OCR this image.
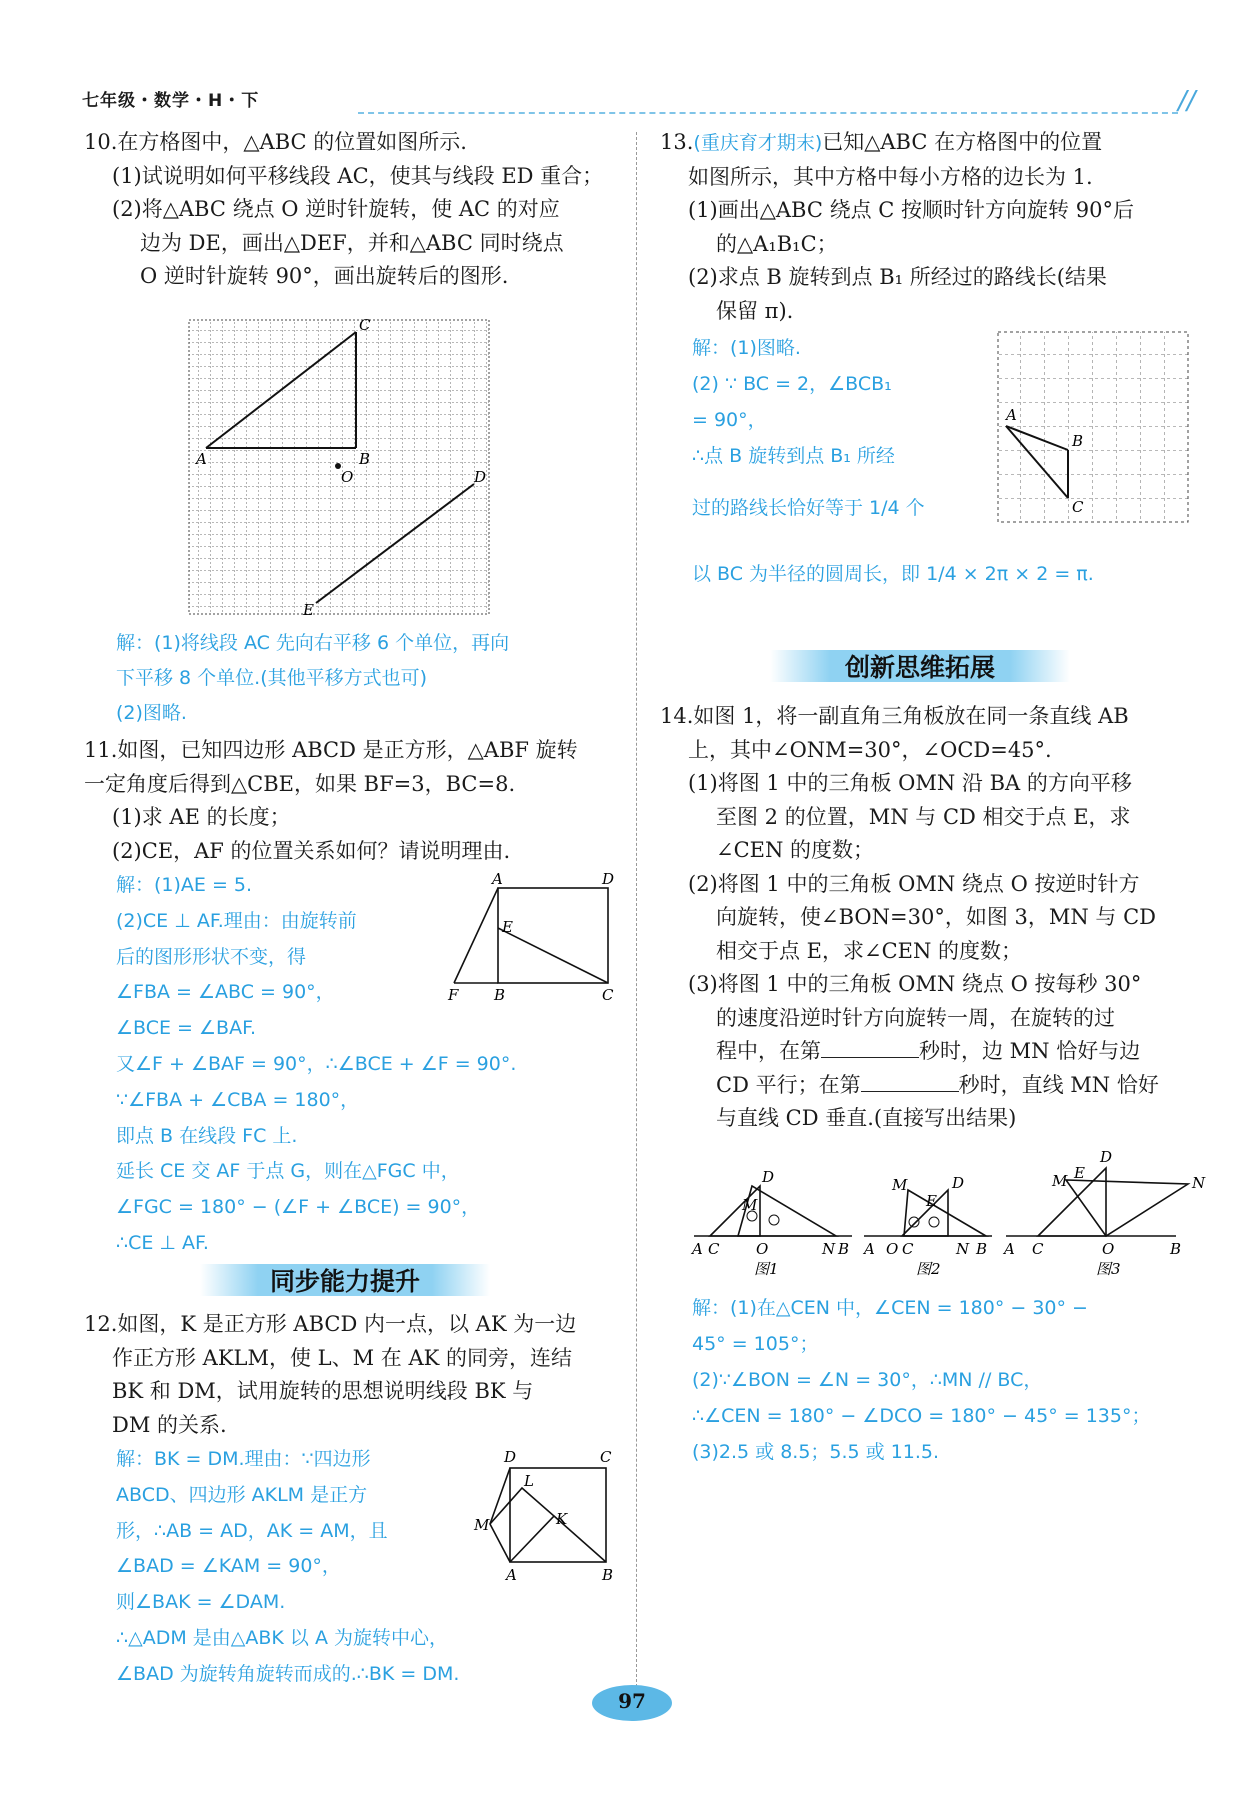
七年级・数学・H・下	//

10.在方格图中，△ABC 的位置如图所示.

(1)试说明如何平移线段 AC，使其与线段 ED 重合；

(2)将△ABC 绕点 O 逆时针旋转，使 AC 的对应

边为 DE，画出△DEF，并和△ABC 同时绕点

O 逆时针旋转 90°，画出旋转后的图形.

C
A	B
O	D
E

解：(1)将线段 AC 先向右平移 6 个单位，再向

下平移 8 个单位.(其他平移方式也可)

(2)图略.

11.如图，已知四边形 ABCD 是正方形，△ABF 旋转

一定角度后得到△CBE，如果 BF=3，BC=8.

(1)求 AE 的长度；

(2)CE，AF 的位置关系如何？请说明理由.

解：(1)AE = 5.

(2)CE ⊥ AF.理由：由旋转前

后的图形形状不变，得

∠FBA = ∠ABC = 90°，

∠BCE = ∠BAF.

又∠F + ∠BAF = 90°，∴∠BCE + ∠F = 90°.

∵∠FBA + ∠CBA = 180°，

即点 B 在线段 FC 上.

延长 CE 交 AF 于点 G，则在△FGC 中，

∠FGC = 180° − (∠F + ∠BCE) = 90°，

∴CE ⊥ AF.

A	D
E
F B	C
同步能力提升

12.如图，K 是正方形 ABCD 内一点，以 AK 为一边

作正方形 AKLM，使 L、M 在 AK 的同旁，连结

BK 和 DM，试用旋转的思想说明线段 BK 与

DM 的关系.

解：BK = DM.理由：∵四边形

ABCD、四边形 AKLM 是正方

形，∴AB = AD，AK = AM，且

∠BAD = ∠KAM = 90°，

则∠BAK = ∠DAM.

∴△ADM 是由△ABK 以 A 为旋转中心，

∠BAD 为旋转角旋转而成的.∴BK = DM.

D	C
L
M	K
A	B

13.(重庆育才期末)已知△ABC 在方格图中的位置

如图所示，其中方格中每小方格的边长为 1.

(1)画出△ABC 绕点 C 按顺时针方向旋转 90°后

的△A₁B₁C；

(2)求点 B 旋转到点 B₁ 所经过的路线长(结果

保留 π).

解：(1)图略.

(2) ∵ BC = 2，∠BCB₁

= 90°，

∴点 B 旋转到点 B₁ 所经

过的路线长恰好等于 1/4 个

以 BC 为半径的圆周长，即 1/4 × 2π × 2 = π.

A
B
C
创新思维拓展

14.如图 1，将一副直角三角板放在同一条直线 AB

上，其中∠ONM=30°，∠OCD=45°.

(1)将图 1 中的三角板 OMN 沿 BA 的方向平移

至图 2 的位置，MN 与 CD 相交于点 E，求

∠CEN 的度数；

(2)将图 1 中的三角板 OMN 绕点 O 按逆时针方

向旋转，使∠BON=30°，如图 3，MN 与 CD

相交于点 E，求∠CEN 的度数；

(3)将图 1 中的三角板 OMN 绕点 O 按每秒 30°

的速度沿逆时针方向旋转一周，在旋转的过

程中，在第	秒时，边 MN 恰好与边

CD 平行；在第	秒时，直线 MN 恰好

与直线 CD 垂直.(直接写出结果)

D
M
A C O	N B
图1
D
M
E
A O C	N B
图2
D
M E
N
A C	O	B
图3

解：(1)在△CEN 中，∠CEN = 180° − 30° −

45° = 105°；

(2)∵∠BON = ∠N = 30°，∴MN // BC，

∴∠CEN = 180° − ∠DCO = 180° − 45° = 135°；

(3)2.5 或 8.5；5.5 或 11.5.

97
